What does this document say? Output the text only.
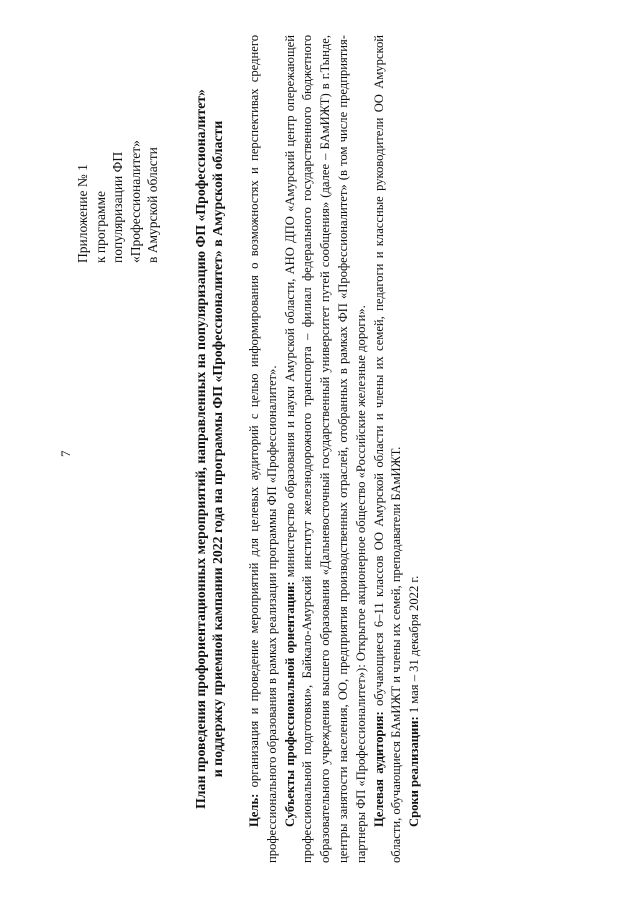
7
Приложение № 1 к программе популяризации ФП «Профессионалитет» в Амурской области План проведения профориентационных мероприятий, направленных на популяризацию ФП «Профессионалитет» и поддержку приемной кампании 2022 года на программы ФП «Профессионалитет» в Амурской области

Цель: организация и проведение мероприятий для целевых аудиторий с целью информирования о возможностях и перспективах среднего профессионального образования в рамках реализации программы ФП «Профессионалитет». Субъекты профессиональной ориентации: министерство образования и науки Амурской области, АНО ДПО «Амурский центр опережающей профессиональной подготовки», Байкало-Амурский институт железнодорожного транспорта – филиал федерального государственного бюджетного образовательного учреждения высшего образования «Дальневосточный государственный университет путей сообщения» (далее – БАмИЖТ) в г.Тынде, центры занятости населения, ОО, предприятия производственных отраслей, отобранных в рамках ФП «Профессионалитет» (в том числе предприятия-партнеры ФП «Профессионалитет»): Открытое акционерное общество «Российские железные дороги». Целевая аудитория: обучающиеся 6–11 классов ОО Амурской области и члены их семей, педагоги и классные руководители ОО Амурской области, обучающиеся БАмИЖТ и члены их семей, преподаватели БАмИЖТ. Сроки реализации: 1 мая – 31 декабря 2022 г.
